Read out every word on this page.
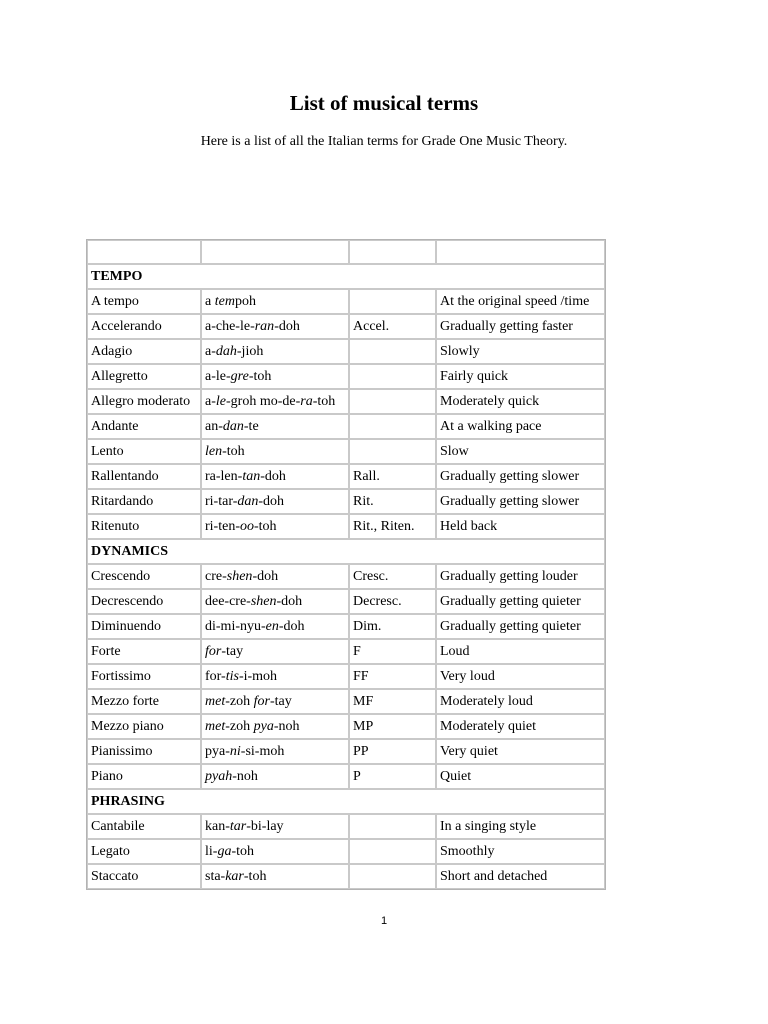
List of musical terms

Here is a list of all the Italian terms for Grade One Music Theory.

TEMPO			
A tempo	a tempoh		At the original speed /time
Accelerando	a-che-le-ran-doh	Accel.	Gradually getting faster
Adagio	a-dah-jioh		Slowly
Allegretto	a-le-gre-toh		Fairly quick
Allegro moderato	a-le-groh mo-de-ra-toh		Moderately quick
Andante	an-dan-te		At a walking pace
Lento	len-toh		Slow
Rallentando	ra-len-tan-doh	Rall.	Gradually getting slower
Ritardando	ri-tar-dan-doh	Rit.	Gradually getting slower
Ritenuto	ri-ten-oo-toh	Rit., Riten.	Held back
DYNAMICS			
Crescendo	cre-shen-doh	Cresc.	Gradually getting louder
Decrescendo	dee-cre-shen-doh	Decresc.	Gradually getting quieter
Diminuendo	di-mi-nyu-en-doh	Dim.	Gradually getting quieter
Forte	for-tay	F	Loud
Fortissimo	for-tis-i-moh	FF	Very loud
Mezzo forte	met-zoh for-tay	MF	Moderately loud
Mezzo piano	met-zoh pya-noh	MP	Moderately quiet
Pianissimo	pya-ni-si-moh	PP	Very quiet
Piano	pyah-noh	P	Quiet
PHRASING			
Cantabile	kan-tar-bi-lay		In a singing style
Legato	li-ga-toh		Smoothly
Staccato	sta-kar-toh		Short and detached
1
